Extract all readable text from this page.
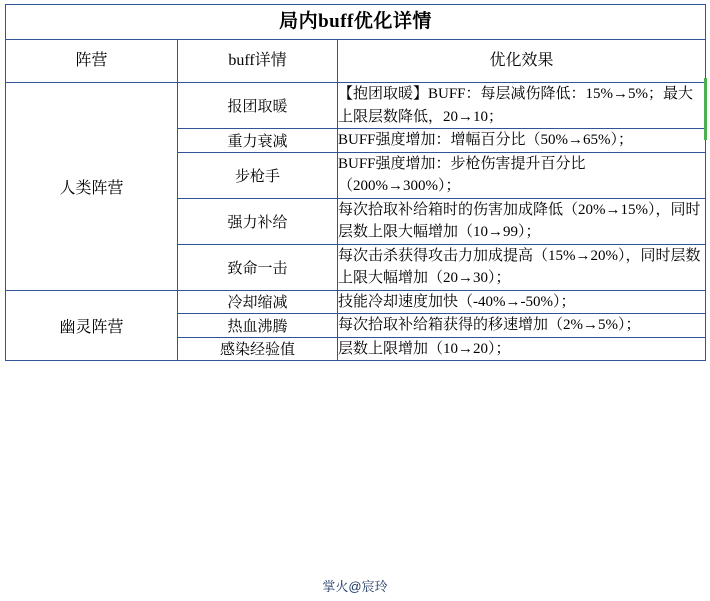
局内buff优化详情		
阵营	buff详情	优化效果
人类阵营	报团取暖	【抱团取暖】BUFF：每层减伤降低：15%→5%；最大上限层数降低，20→10；
	重力衰减	BUFF强度增加：增幅百分比（50%→65%）；
	步枪手	BUFF强度增加：步枪伤害提升百分比（200%→300%）；
	强力补给	每次拾取补给箱时的伤害加成降低（20%→15%），同时层数上限大幅增加（10→99）；
	致命一击	每次击杀获得攻击力加成提高（15%→20%），同时层数上限大幅增加（20→30）；
幽灵阵营	冷却缩减	技能冷却速度加快（-40%→-50%）；
	热血沸腾	每次拾取补给箱获得的移速增加（2%→5%）；
	感染经验值	层数上限增加（10→20）；
掌火@宸玲
